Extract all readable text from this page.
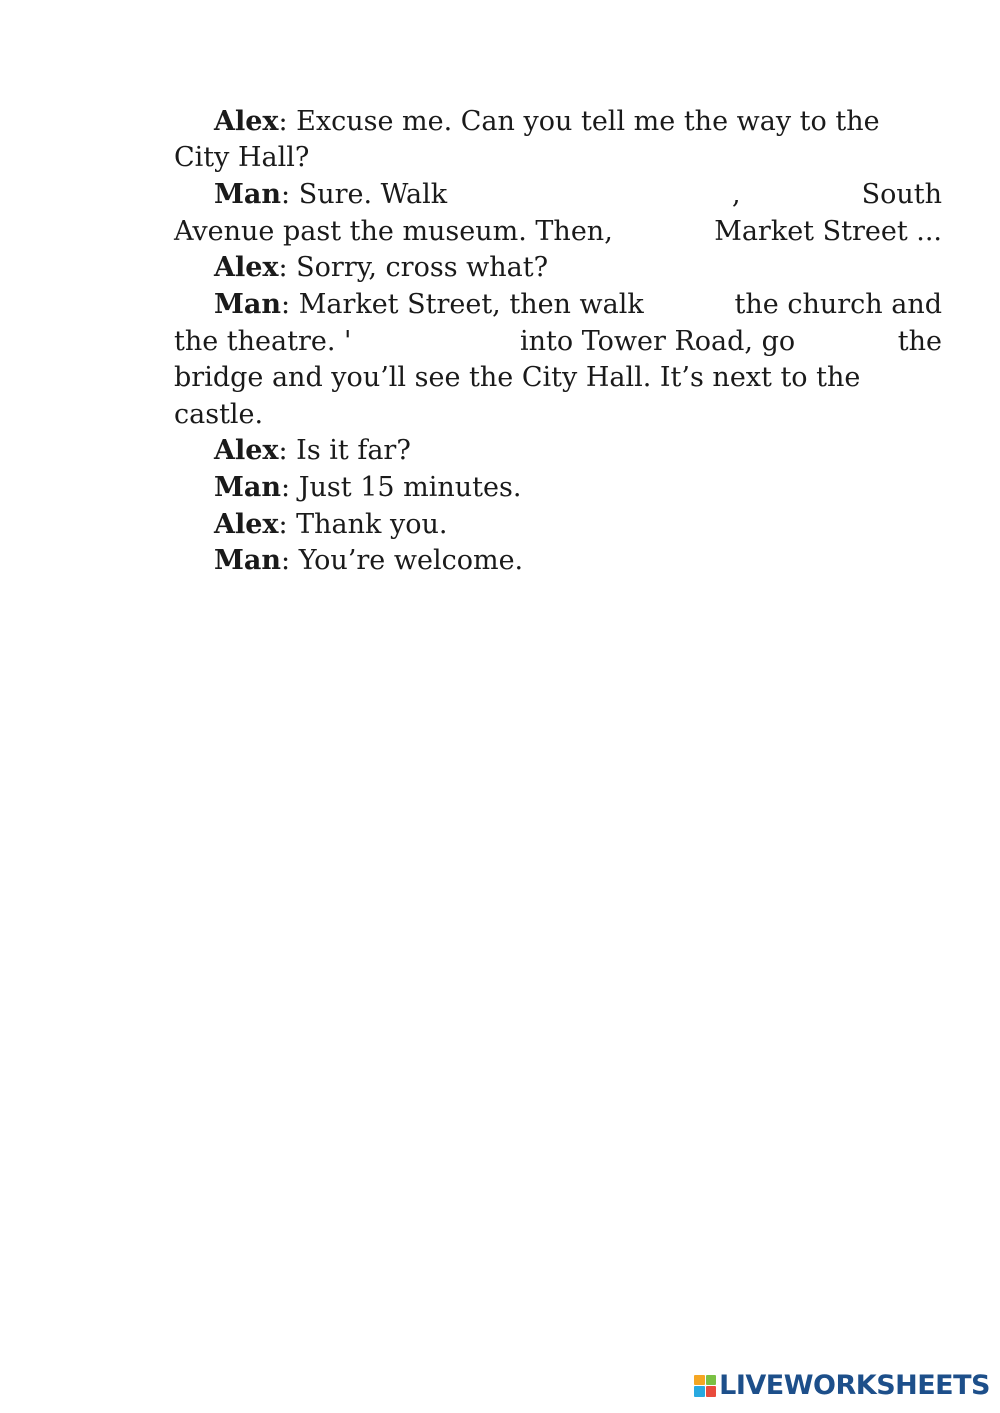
Alex: Excuse me. Can you tell me the way to the
City Hall?
Man: Sure. Walk	,	South
Avenue past the museum. Then,	Market Street ...
Alex: Sorry, cross what?
Man: Market Street, then walk	the church and
the theatre. '	into Tower Road, go	the
bridge and you’ll see the City Hall. It’s next to the
castle.
Alex: Is it far?
Man: Just 15 minutes.
Alex: Thank you.
Man: You’re welcome.
LIVEWORKSHEETS
